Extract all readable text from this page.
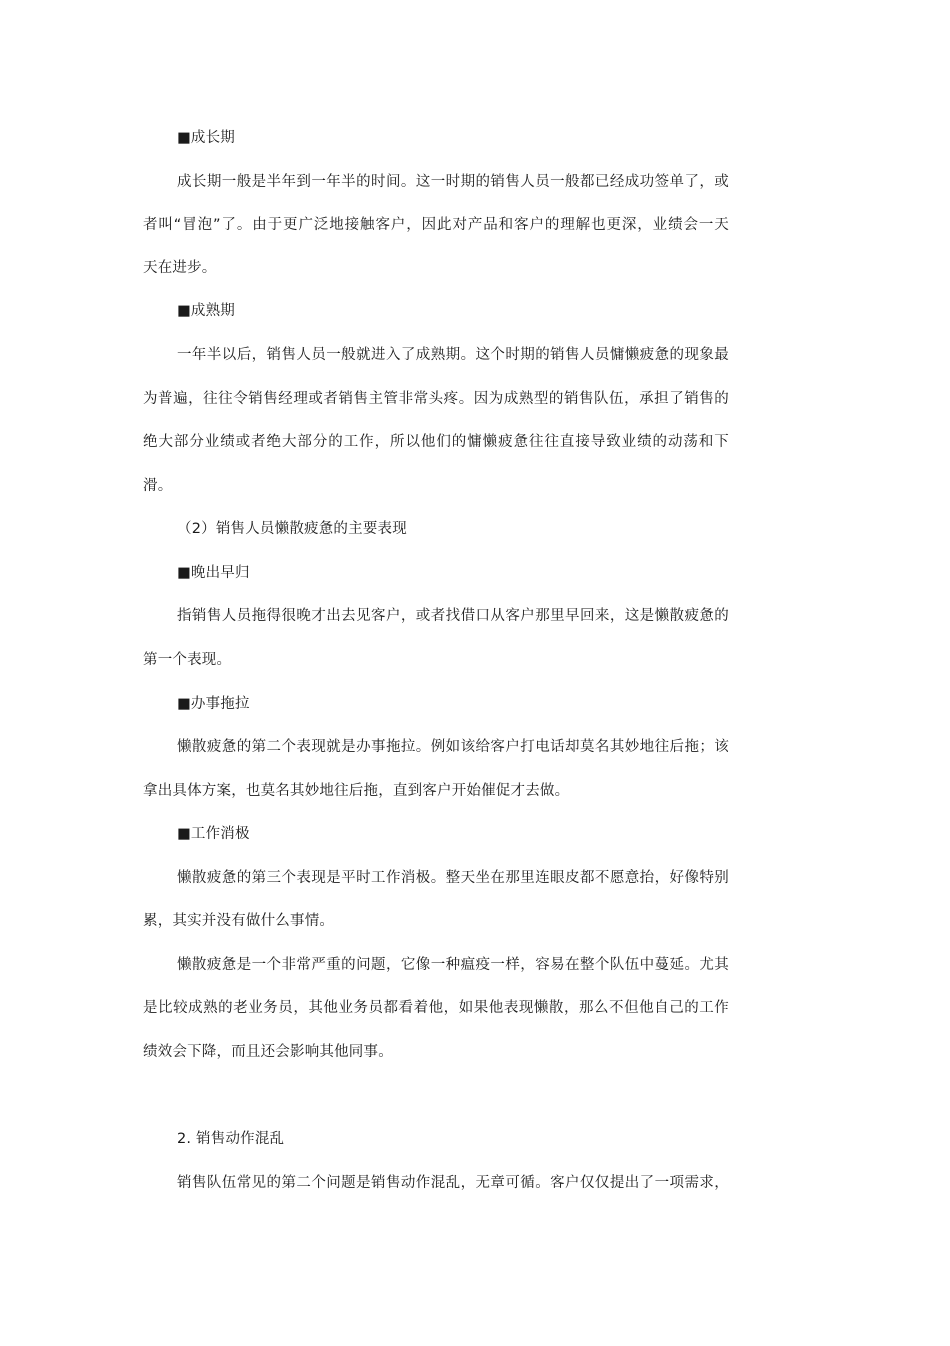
■成长期
成长期一般是半年到一年半的时间。这一时期的销售人员一般都已经成功签单了，或
者叫“冒泡”了。由于更广泛地接触客户，因此对产品和客户的理解也更深，业绩会一天
天在进步。
■成熟期
一年半以后，销售人员一般就进入了成熟期。这个时期的销售人员慵懒疲惫的现象最
为普遍，往往令销售经理或者销售主管非常头疼。因为成熟型的销售队伍，承担了销售的
绝大部分业绩或者绝大部分的工作，所以他们的慵懒疲惫往往直接导致业绩的动荡和下
滑。
（2）销售人员懒散疲惫的主要表现
■晚出早归
指销售人员拖得很晚才出去见客户，或者找借口从客户那里早回来，这是懒散疲惫的
第一个表现。
■办事拖拉
懒散疲惫的第二个表现就是办事拖拉。例如该给客户打电话却莫名其妙地往后拖；该
拿出具体方案，也莫名其妙地往后拖，直到客户开始催促才去做。
■工作消极
懒散疲惫的第三个表现是平时工作消极。整天坐在那里连眼皮都不愿意抬，好像特别
累，其实并没有做什么事情。
懒散疲惫是一个非常严重的问题，它像一种瘟疫一样，容易在整个队伍中蔓延。尤其
是比较成熟的老业务员，其他业务员都看着他，如果他表现懒散，那么不但他自己的工作
绩效会下降，而且还会影响其他同事。
2. 销售动作混乱
销售队伍常见的第二个问题是销售动作混乱，无章可循。客户仅仅提出了一项需求，
